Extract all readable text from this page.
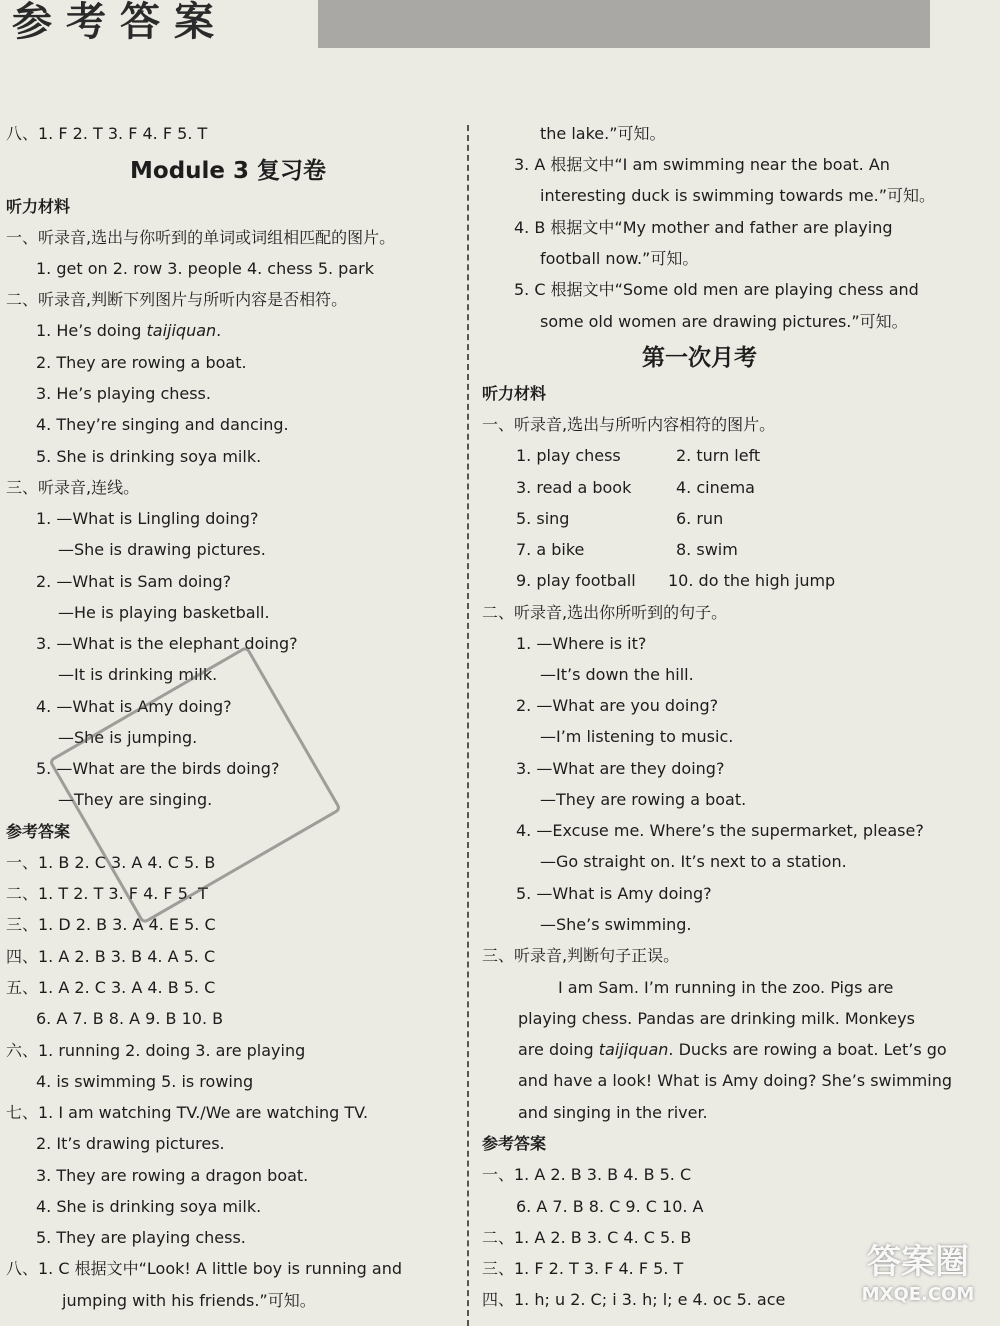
参考答案
八、1. F 2. T 3. F 4. F 5. T
Module 3 复习卷
听力材料
一、听录音,选出与你听到的单词或词组相匹配的图片。
1. get on 2. row 3. people 4. chess 5. park
二、听录音,判断下列图片与所听内容是否相符。
1. He’s doing taijiquan.
2. They are rowing a boat.
3. He’s playing chess.
4. They’re singing and dancing.
5. She is drinking soya milk.
三、听录音,连线。
1. —What is Lingling doing?
—She is drawing pictures.
2. —What is Sam doing?
—He is playing basketball.
3. —What is the elephant doing?
—It is drinking milk.
4. —What is Amy doing?
—She is jumping.
5. —What are the birds doing?
—They are singing.
参考答案
一、1. B 2. C 3. A 4. C 5. B
二、1. T 2. T 3. F 4. F 5. T
三、1. D 2. B 3. A 4. E 5. C
四、1. A 2. B 3. B 4. A 5. C
五、1. A 2. C 3. A 4. B 5. C
6. A 7. B 8. A 9. B 10. B
六、1. running 2. doing 3. are playing
4. is swimming 5. is rowing
七、1. I am watching TV./We are watching TV.
2. It’s drawing pictures.
3. They are rowing a dragon boat.
4. She is drinking soya milk.
5. They are playing chess.
八、1. C 根据文中“Look! A little boy is running and
jumping with his friends.”可知。
the lake.”可知。
3. A 根据文中“I am swimming near the boat. An
interesting duck is swimming towards me.”可知。
4. B 根据文中“My mother and father are playing
football now.”可知。
5. C 根据文中“Some old men are playing chess and
some old women are drawing pictures.”可知。
第一次月考
听力材料
一、听录音,选出与所听内容相符的图片。
1. play chess	2. turn left
3. read a book	4. cinema
5. sing	6. run
7. a bike	8. swim
9. play football 10. do the high jump
二、听录音,选出你所听到的句子。
1. —Where is it?
—It’s down the hill.
2. —What are you doing?
—I’m listening to music.
3. —What are they doing?
—They are rowing a boat.
4. —Excuse me. Where’s the supermarket, please?
—Go straight on. It’s next to a station.
5. —What is Amy doing?
—She’s swimming.
三、听录音,判断句子正误。
I am Sam. I’m running in the zoo. Pigs are
playing chess. Pandas are drinking milk. Monkeys
are doing taijiquan. Ducks are rowing a boat. Let’s go
and have a look! What is Amy doing? She’s swimming
and singing in the river.
参考答案
一、1. A 2. B 3. B 4. B 5. C
6. A 7. B 8. C 9. C 10. A
二、1. A 2. B 3. C 4. C 5. B
三、1. F 2. T 3. F 4. F 5. T
四、1. h; u 2. C; i 3. h; l; e 4. oc 5. ace
答案圈
MXQE.COM
